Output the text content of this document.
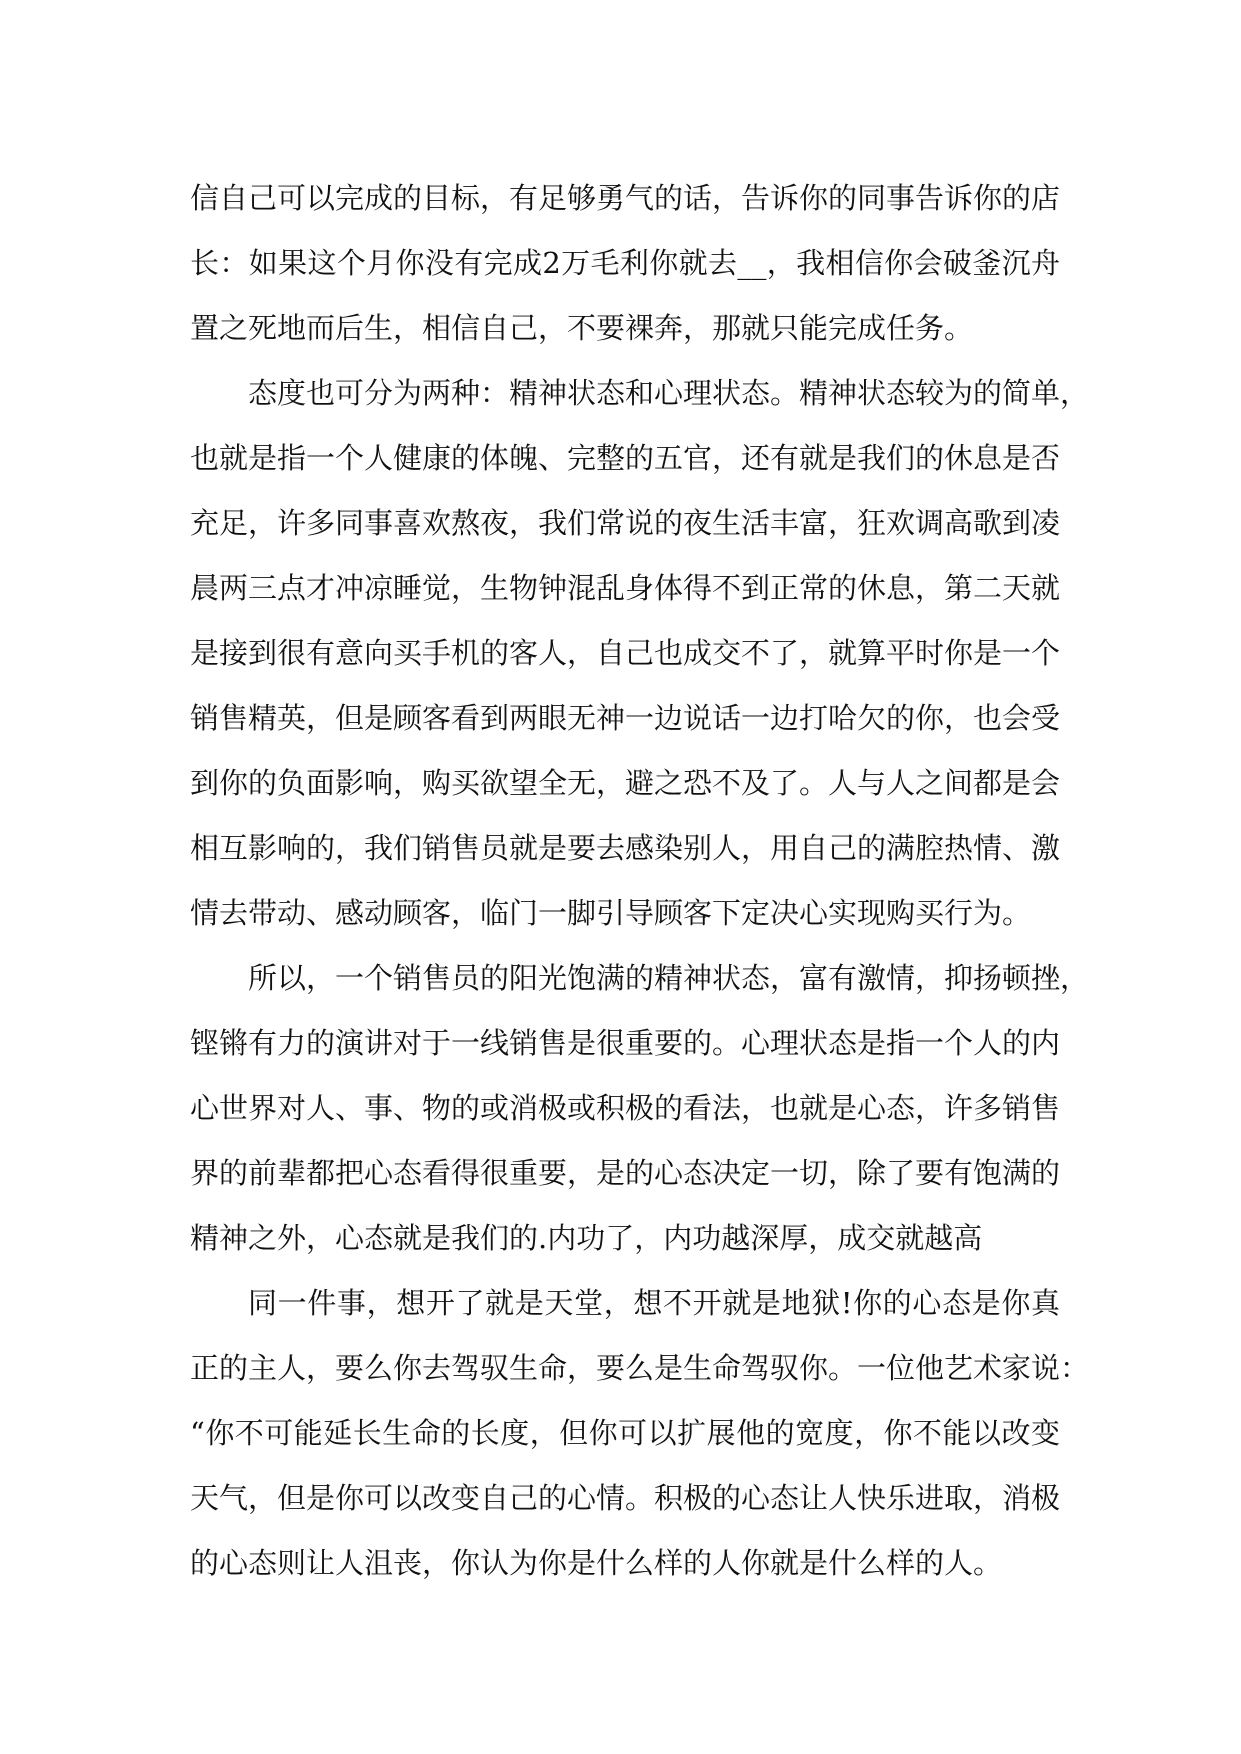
信自己可以完成的目标，有足够勇气的话，告诉你的同事告诉你的店
长：如果这个月你没有完成2万毛利你就去__，我相信你会破釜沉舟
置之死地而后生，相信自己，不要裸奔，那就只能完成任务。
态度也可分为两种：精神状态和心理状态。精神状态较为的简单，
也就是指一个人健康的体魄、完整的五官，还有就是我们的休息是否
充足，许多同事喜欢熬夜，我们常说的夜生活丰富，狂欢调高歌到凌
晨两三点才冲凉睡觉，生物钟混乱身体得不到正常的休息，第二天就
是接到很有意向买手机的客人，自己也成交不了，就算平时你是一个
销售精英，但是顾客看到两眼无神一边说话一边打哈欠的你，也会受
到你的负面影响，购买欲望全无，避之恐不及了。人与人之间都是会
相互影响的，我们销售员就是要去感染别人，用自己的满腔热情、激
情去带动、感动顾客，临门一脚引导顾客下定决心实现购买行为。
所以，一个销售员的阳光饱满的精神状态，富有激情，抑扬顿挫，
铿锵有力的演讲对于一线销售是很重要的。心理状态是指一个人的内
心世界对人、事、物的或消极或积极的看法，也就是心态，许多销售
界的前辈都把心态看得很重要，是的心态决定一切，除了要有饱满的
精神之外，心态就是我们的.内功了，内功越深厚，成交就越高
同一件事，想开了就是天堂，想不开就是地狱!你的心态是你真
正的主人，要么你去驾驭生命，要么是生命驾驭你。一位他艺术家说：
“你不可能延长生命的长度，但你可以扩展他的宽度，你不能以改变
天气，但是你可以改变自己的心情。积极的心态让人快乐进取，消极
的心态则让人沮丧，你认为你是什么样的人你就是什么样的人。
